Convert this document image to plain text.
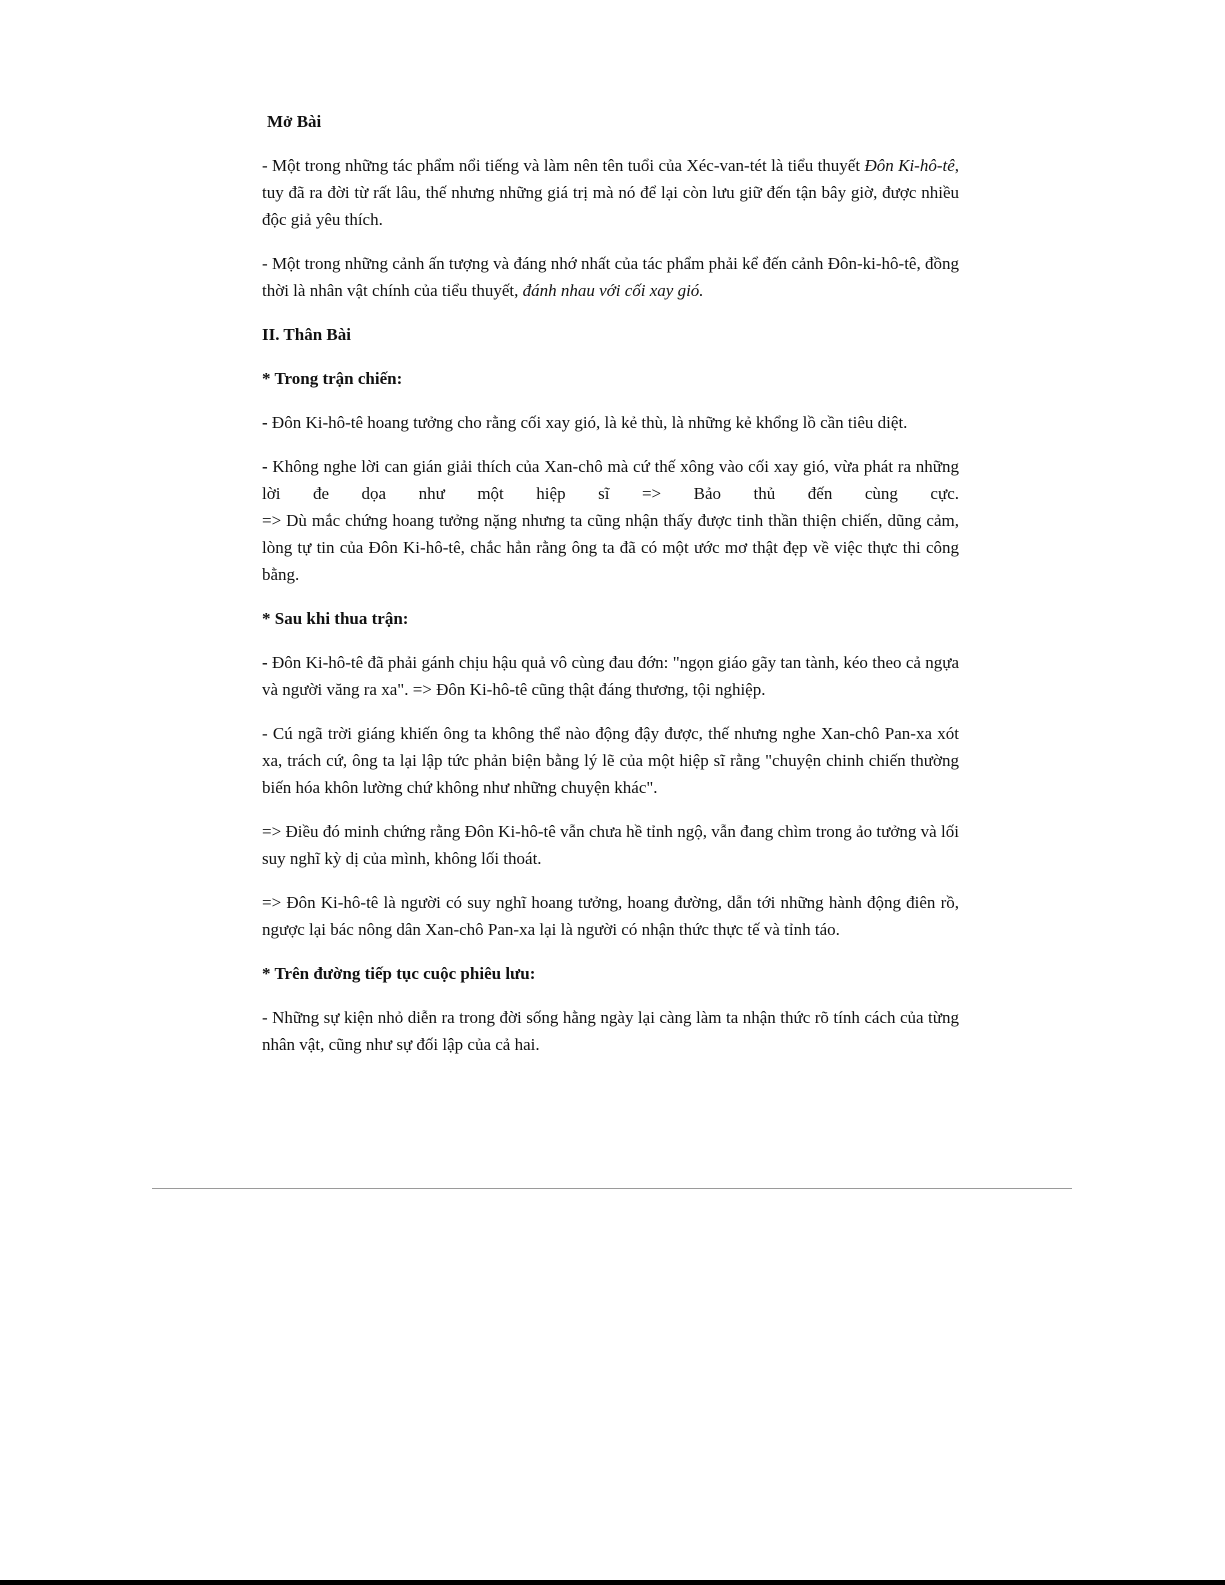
Mở Bài
- Một trong những tác phẩm nổi tiếng và làm nên tên tuổi của Xéc-van-tét là tiểu thuyết Đôn Ki-hô-tê, tuy đã ra đời từ rất lâu, thế nhưng những giá trị mà nó để lại còn lưu giữ đến tận bây giờ, được nhiều độc giả yêu thích.
- Một trong những cảnh ấn tượng và đáng nhớ nhất của tác phẩm phải kể đến cảnh Đôn-ki-hô-tê, đồng thời là nhân vật chính của tiểu thuyết, đánh nhau với cối xay gió.
II. Thân Bài
* Trong trận chiến:
- Đôn Ki-hô-tê hoang tưởng cho rằng cối xay gió, là kẻ thù, là những kẻ khổng lồ cần tiêu diệt.
- Không nghe lời can gián giải thích của Xan-chô mà cứ thế xông vào cối xay gió, vừa phát ra những lời đe dọa như một hiệp sĩ => Bảo thủ đến cùng cực.
=> Dù mắc chứng hoang tưởng nặng nhưng ta cũng nhận thấy được tinh thần thiện chiến, dũng cảm, lòng tự tin của Đôn Ki-hô-tê, chắc hẳn rằng ông ta đã có một ước mơ thật đẹp về việc thực thi công bằng.
* Sau khi thua trận:
- Đôn Ki-hô-tê đã phải gánh chịu hậu quả vô cùng đau đớn: "ngọn giáo gãy tan tành, kéo theo cả ngựa và người văng ra xa". => Đôn Ki-hô-tê cũng thật đáng thương, tội nghiệp.
- Cú ngã trời giáng khiến ông ta không thể nào động đậy được, thế nhưng nghe Xan-chô Pan-xa xót xa, trách cứ, ông ta lại lập tức phản biện bằng lý lẽ của một hiệp sĩ rằng "chuyện chinh chiến thường biến hóa khôn lường chứ không như những chuyện khác".
=> Điều đó minh chứng rằng Đôn Ki-hô-tê vẫn chưa hề tỉnh ngộ, vẫn đang chìm trong ảo tưởng và lối suy nghĩ kỳ dị của mình, không lối thoát.
=> Đôn Ki-hô-tê là người có suy nghĩ hoang tưởng, hoang đường, dẫn tới những hành động điên rồ, ngược lại bác nông dân Xan-chô Pan-xa lại là người có nhận thức thực tế và tỉnh táo.
* Trên đường tiếp tục cuộc phiêu lưu:
- Những sự kiện nhỏ diễn ra trong đời sống hằng ngày lại càng làm ta nhận thức rõ tính cách của từng nhân vật, cũng như sự đối lập của cả hai.
